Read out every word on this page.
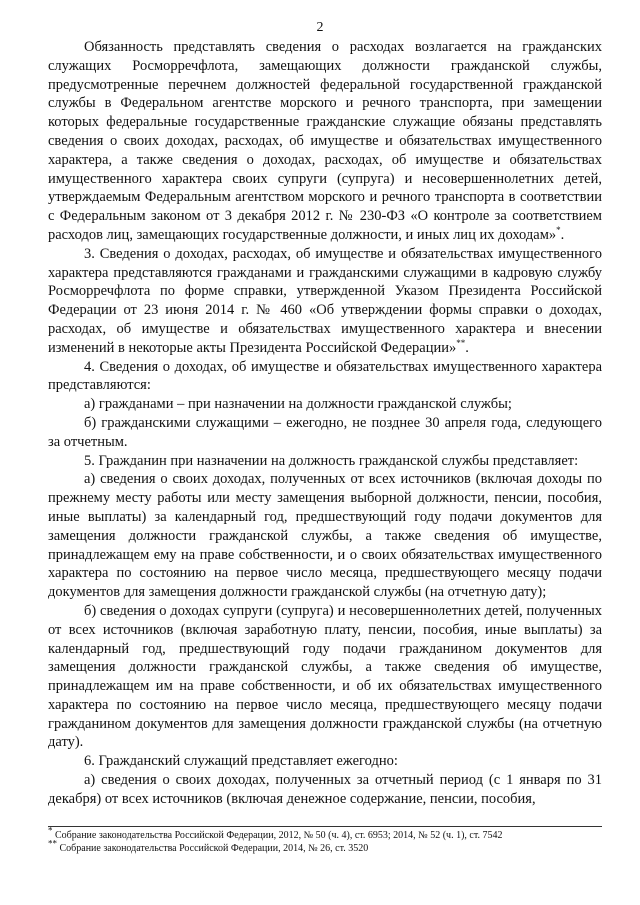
2

Обязанность представлять сведения о расходах возлагается на гражданских служащих Росморречфлота, замещающих должности гражданской службы, предусмотренные перечнем должностей федеральной государственной гражданской службы в Федеральном агентстве морского и речного транспорта, при замещении которых федеральные государственные гражданские служащие обязаны представлять сведения о своих доходах, расходах, об имуществе и обязательствах имущественного характера, а также сведения о доходах, расходах, об имуществе и обязательствах имущественного характера своих супруги (супруга) и несовершеннолетних детей, утверждаемым Федеральным агентством морского и речного транспорта в соответствии с Федеральным законом от 3 декабря 2012 г. № 230-ФЗ «О контроле за соответствием расходов лиц, замещающих государственные должности, и иных лиц их доходам»*.

3. Сведения о доходах, расходах, об имуществе и обязательствах имущественного характера представляются гражданами и гражданскими служащими в кадровую службу Росморречфлота по форме справки, утвержденной Указом Президента Российской Федерации от 23 июня 2014 г. № 460 «Об утверждении формы справки о доходах, расходах, об имуществе и обязательствах имущественного характера и внесении изменений в некоторые акты Президента Российской Федерации»**.

4. Сведения о доходах, об имуществе и обязательствах имущественного характера представляются:

а) гражданами – при назначении на должности гражданской службы;

б) гражданскими служащими – ежегодно, не позднее 30 апреля года, следующего за отчетным.

5. Гражданин при назначении на должность гражданской службы представляет:

а) сведения о своих доходах, полученных от всех источников (включая доходы по прежнему месту работы или месту замещения выборной должности, пенсии, пособия, иные выплаты) за календарный год, предшествующий году подачи документов для замещения должности гражданской службы, а также сведения об имуществе, принадлежащем ему на праве собственности, и о своих обязательствах имущественного характера по состоянию на первое число месяца, предшествующего месяцу подачи документов для замещения должности гражданской службы (на отчетную дату);

б) сведения о доходах супруги (супруга) и несовершеннолетних детей, полученных от всех источников (включая заработную плату, пенсии, пособия, иные выплаты) за календарный год, предшествующий году подачи гражданином документов для замещения должности гражданской службы, а также сведения об имуществе, принадлежащем им на праве собственности, и об их обязательствах имущественного характера по состоянию на первое число месяца, предшествующего месяцу подачи гражданином документов для замещения должности гражданской службы (на отчетную дату).

6. Гражданский служащий представляет ежегодно:

а) сведения о своих доходах, полученных за отчетный период (с 1 января по 31 декабря) от всех источников (включая денежное содержание, пенсии, пособия,

* Собрание законодательства Российской Федерации, 2012, № 50 (ч. 4), ст. 6953; 2014, № 52 (ч. 1), ст. 7542

** Собрание законодательства Российской Федерации, 2014, № 26, ст. 3520
